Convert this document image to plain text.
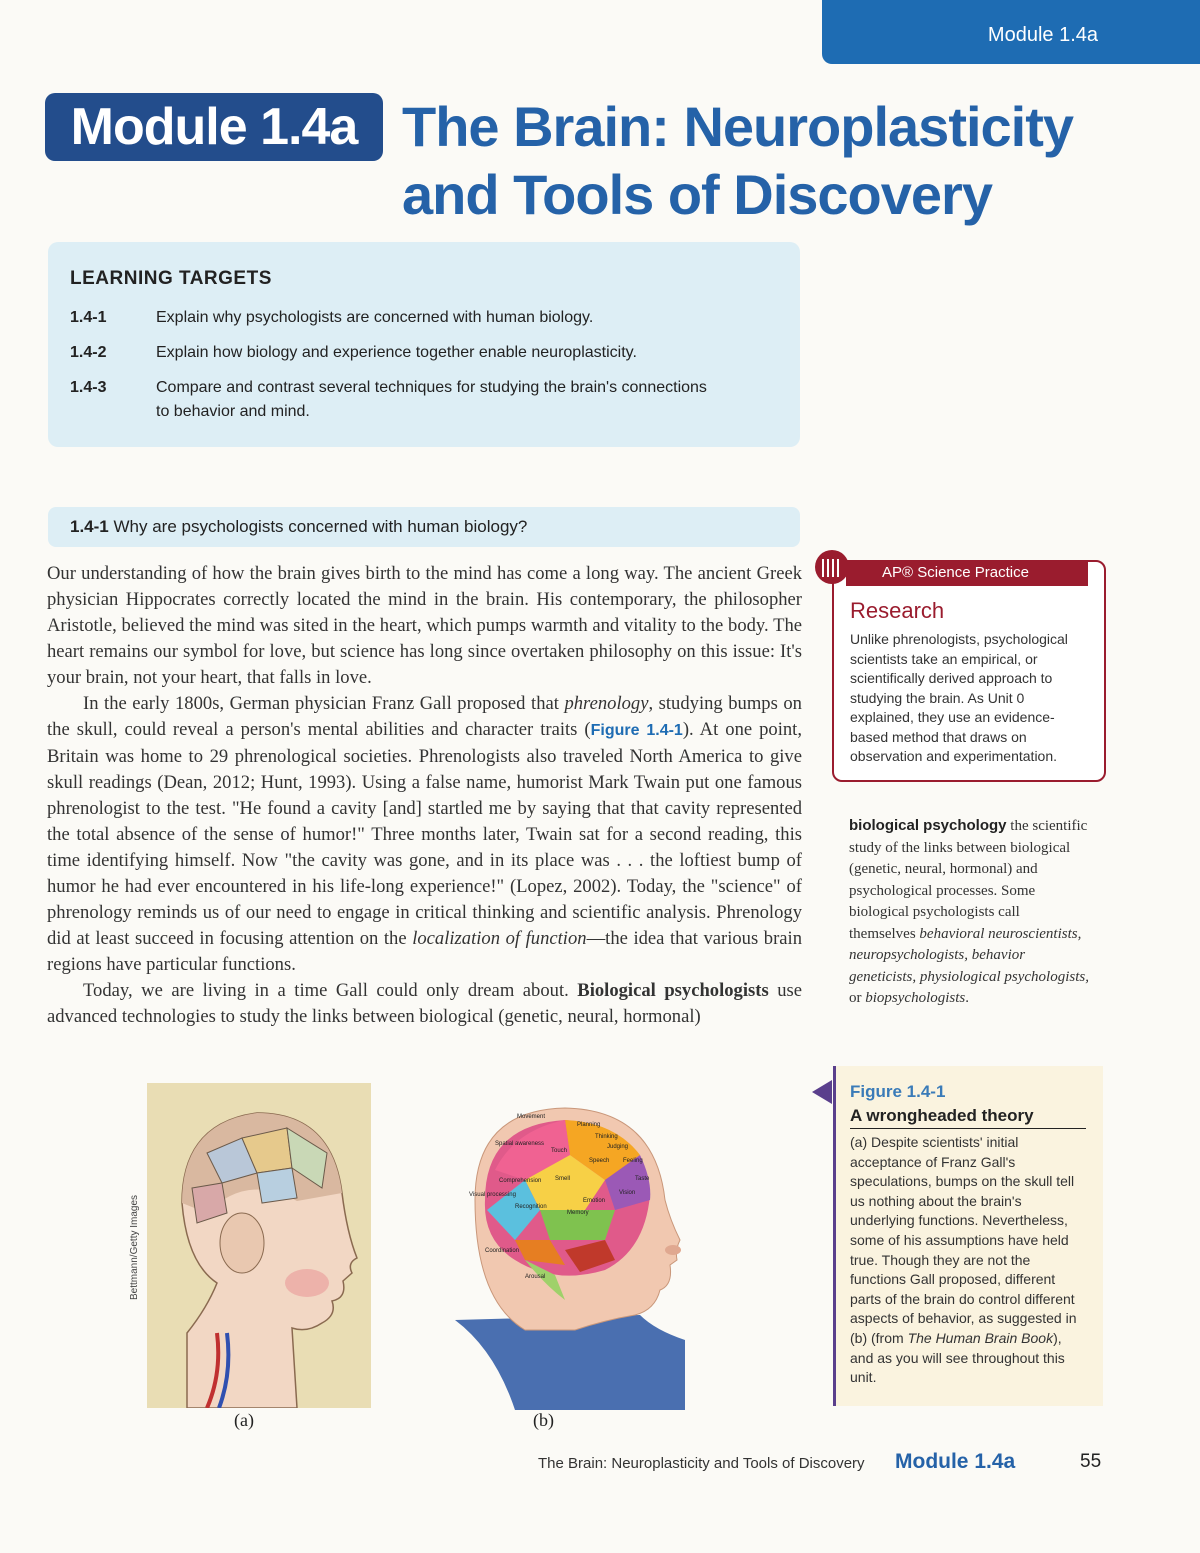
Module 1.4a
Module 1.4a The Brain: Neuroplasticity
and Tools of Discovery
LEARNING TARGETS
1.4-1	Explain why psychologists are concerned with human biology.
1.4-2	Explain how biology and experience together enable neuroplasticity.
1.4-3	Compare and contrast several techniques for studying the brain's connections to behavior and mind.
1.4-1 Why are psychologists concerned with human biology?

Our understanding of how the brain gives birth to the mind has come a long way. The ancient Greek physician Hippocrates correctly located the mind in the brain. His contemporary, the philosopher Aristotle, believed the mind was sited in the heart, which pumps warmth and vitality to the body. The heart remains our symbol for love, but science has long since overtaken philosophy on this issue: It's your brain, not your heart, that falls in love.

In the early 1800s, German physician Franz Gall proposed that phrenology, studying bumps on the skull, could reveal a person's mental abilities and character traits (Figure 1.4-1). At one point, Britain was home to 29 phrenological societies. Phrenologists also traveled North America to give skull readings (Dean, 2012; Hunt, 1993). Using a false name, humorist Mark Twain put one famous phrenologist to the test. "He found a cavity [and] startled me by saying that that cavity represented the total absence of the sense of humor!" Three months later, Twain sat for a second reading, this time identifying himself. Now "the cavity was gone, and in its place was . . . the loftiest bump of humor he had ever encountered in his life-long experience!" (Lopez, 2002). Today, the "science" of phrenology reminds us of our need to engage in critical thinking and scientific analysis. Phrenology did at least succeed in focusing attention on the localization of function—the idea that various brain regions have particular functions.

Today, we are living in a time Gall could only dream about. Biological psychologists use advanced technologies to study the links between biological (genetic, neural, hormonal)

AP® Science Practice
Research
Unlike phrenologists, psychological scientists take an empirical, or scientifically derived approach to studying the brain. As Unit 0 explained, they use an evidence-based method that draws on observation and experimentation.
biological psychology the scientific study of the links between biological (genetic, neural, hormonal) and psychological processes. Some biological psychologists call themselves behavioral neuroscientists, neuropsychologists, behavior geneticists, physiological psychologists, or biopsychologists.
Figure 1.4-1
A wrongheaded theory
(a) Despite scientists' initial acceptance of Franz Gall's speculations, bumps on the skull tell us nothing about the brain's underlying functions. Nevertheless, some of his assumptions have held true. Though they are not the functions Gall proposed, different parts of the brain do control different aspects of behavior, as suggested in (b) (from The Human Brain Book), and as you will see throughout this unit.
Bettmann/Getty Images
Movement
Planning
Spatial awareness
Touch
Thinking
Judging
Speech Feeling
Taste
Comprehension Smell
Visual processing
Recognition
Emotion
Memory
Vision
Coordination
Arousal
(a)	(b)
The Brain: Neuroplasticity and Tools of Discovery Module 1.4a	55
